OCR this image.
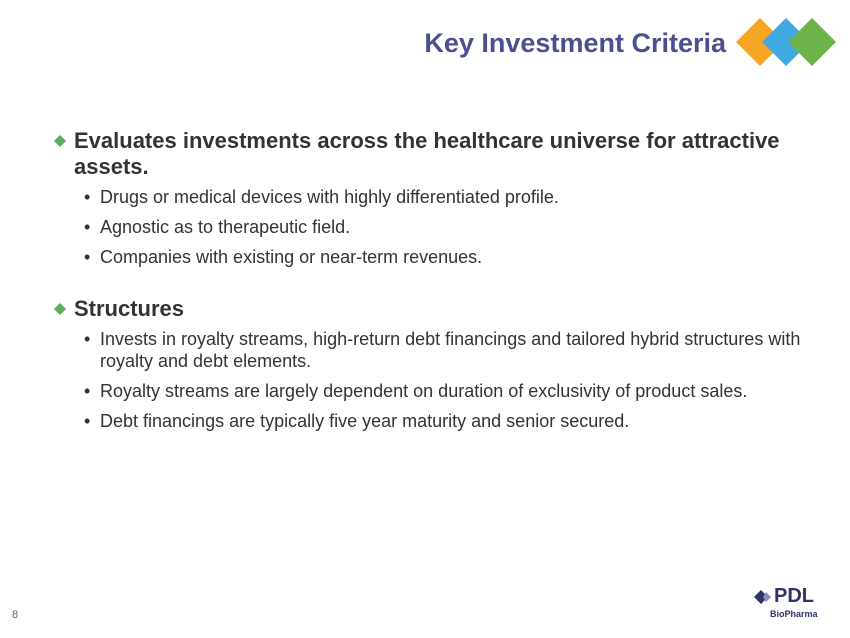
Key Investment Criteria
Evaluates investments across the healthcare universe for attractive assets.
• Drugs or medical devices with highly differentiated profile.
• Agnostic as to therapeutic field.
• Companies with existing or near-term revenues.
Structures
• Invests in royalty streams, high-return debt financings and tailored hybrid structures with royalty and debt elements.
• Royalty streams are largely dependent on duration of exclusivity of product sales.
• Debt financings are typically five year maturity and senior secured.
8
PDL
BioPharma
